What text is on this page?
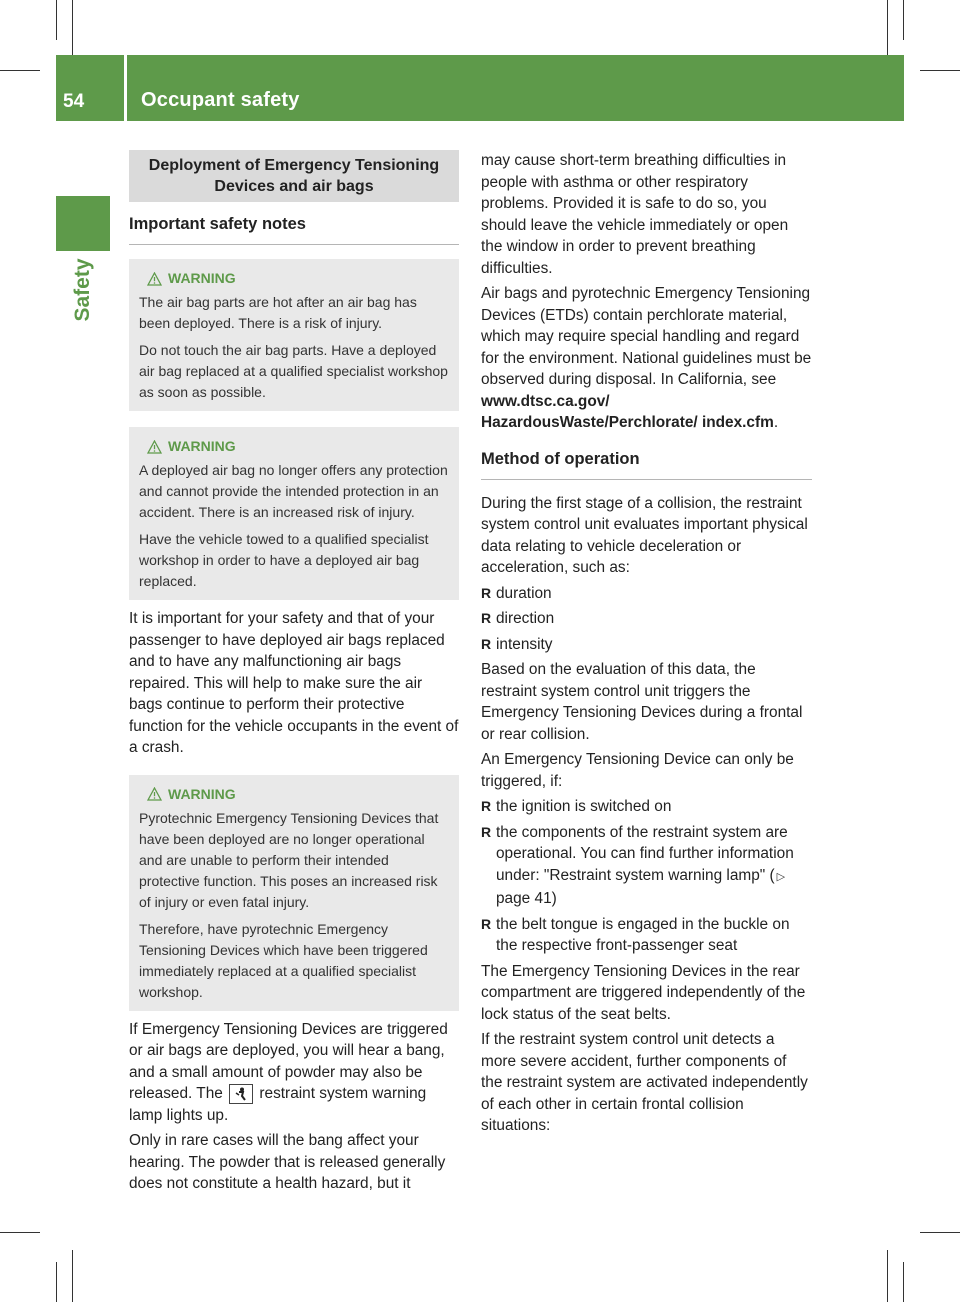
54	Occupant safety
Safety
Deployment of Emergency Tensioning Devices and air bags
Important safety notes
WARNING

The air bag parts are hot after an air bag has been deployed. There is a risk of injury.

Do not touch the air bag parts. Have a deployed air bag replaced at a qualified specialist workshop as soon as possible.

WARNING

A deployed air bag no longer offers any protection and cannot provide the intended protection in an accident. There is an increased risk of injury.

Have the vehicle towed to a qualified specialist workshop in order to have a deployed air bag replaced.

It is important for your safety and that of your passenger to have deployed air bags replaced and to have any malfunctioning air bags repaired. This will help to make sure the air bags continue to perform their protective function for the vehicle occupants in the event of a crash.

WARNING

Pyrotechnic Emergency Tensioning Devices that have been deployed are no longer operational and are unable to perform their intended protective function. This poses an increased risk of injury or even fatal injury.

Therefore, have pyrotechnic Emergency Tensioning Devices which have been triggered immediately replaced at a qualified specialist workshop.

If Emergency Tensioning Devices are triggered or air bags are deployed, you will hear a bang, and a small amount of powder may also be released. The restraint system warning lamp lights up.

Only in rare cases will the bang affect your hearing. The powder that is released generally does not constitute a health hazard, but it

may cause short-term breathing difficulties in people with asthma or other respiratory problems. Provided it is safe to do so, you should leave the vehicle immediately or open the window in order to prevent breathing difficulties.

Air bags and pyrotechnic Emergency Tensioning Devices (ETDs) contain perchlorate material, which may require special handling and regard for the environment. National guidelines must be observed during disposal. In California, see www.dtsc.ca.gov/ HazardousWaste/Perchlorate/ index.cfm.

Method of operation

During the first stage of a collision, the restraint system control unit evaluates important physical data relating to vehicle deceleration or acceleration, such as:

R duration
R direction
R intensity

Based on the evaluation of this data, the restraint system control unit triggers the Emergency Tensioning Devices during a frontal or rear collision.

An Emergency Tensioning Device can only be triggered, if:

R the ignition is switched on
R the components of the restraint system are operational. You can find further information under: "Restraint system warning lamp" ( ▷page 41)
R the belt tongue is engaged in the buckle on the respective front-passenger seat

The Emergency Tensioning Devices in the rear compartment are triggered independently of the lock status of the seat belts.

If the restraint system control unit detects a more severe accident, further components of the restraint system are activated independently of each other in certain frontal collision situations:
